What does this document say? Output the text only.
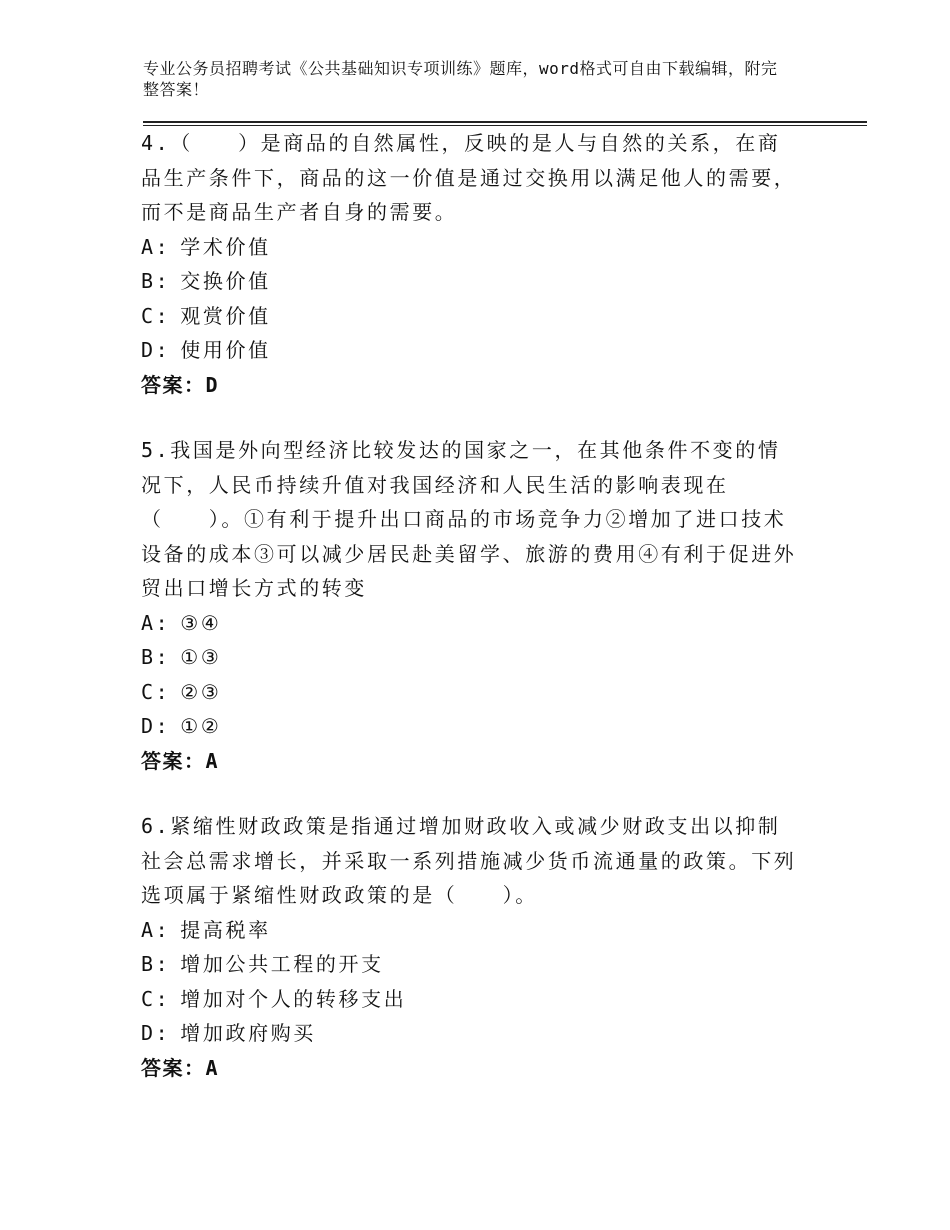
专业公务员招聘考试《公共基础知识专项训练》题库，word格式可自由下载编辑，附完整答案！

4.（　　）是商品的自然属性，反映的是人与自然的关系，在商品生产条件下，商品的这一价值是通过交换用以满足他人的需要，而不是商品生产者自身的需要。

A: 学术价值

B: 交换价值

C: 观赏价值

D: 使用价值

答案：D

5.我国是外向型经济比较发达的国家之一，在其他条件不变的情况下，人民币持续升值对我国经济和人民生活的影响表现在（　　）。①有利于提升出口商品的市场竞争力②增加了进口技术设备的成本③可以减少居民赴美留学、旅游的费用④有利于促进外贸出口增长方式的转变

A: ③④

B: ①③

C: ②③

D: ①②

答案：A

6.紧缩性财政政策是指通过增加财政收入或减少财政支出以抑制社会总需求增长，并采取一系列措施减少货币流通量的政策。下列选项属于紧缩性财政政策的是（　　）。

A: 提高税率

B: 增加公共工程的开支

C: 增加对个人的转移支出

D: 增加政府购买

答案：A
